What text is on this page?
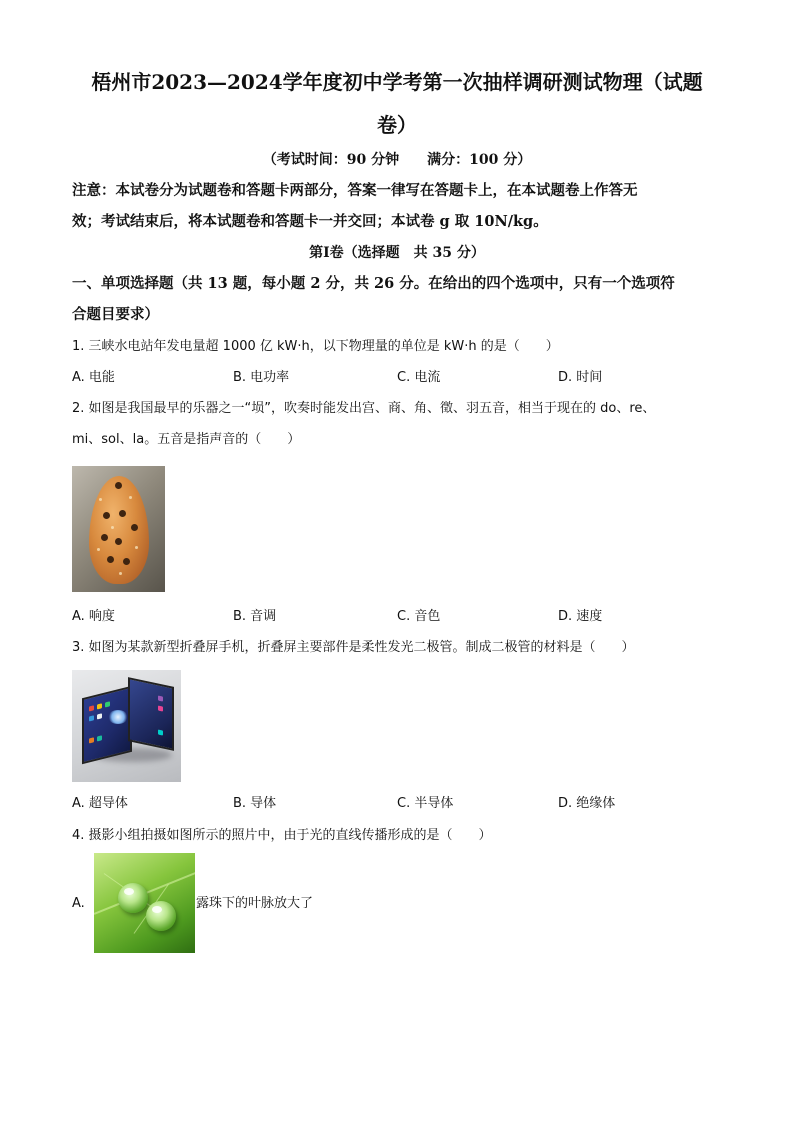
梧州市2023—2024学年度初中学考第一次抽样调研测试物理（试题
卷）
（考试时间：90 分钟　　满分：100 分）
注意：本试卷分为试题卷和答题卡两部分，答案一律写在答题卡上，在本试题卷上作答无
效；考试结束后，将本试题卷和答题卡一并交回；本试卷 g 取 10N/kg。
第Ⅰ卷（选择题　共 35 分）
一、单项选择题（共 13 题，每小题 2 分，共 26 分。在给出的四个选项中，只有一个选项符
合题目要求）
1. 三峡水电站年发电量超 1000 亿 kW·h，以下物理量的单位是 kW·h 的是（　　）
A. 电能	B. 电功率	C. 电流	D. 时间
2. 如图是我国最早的乐器之一“埙”，吹奏时能发出宫、商、角、徵、羽五音，相当于现在的 do、re、
mi、sol、la。五音是指声音的（　　）
A. 响度	B. 音调	C. 音色	D. 速度
3. 如图为某款新型折叠屏手机，折叠屏主要部件是柔性发光二极管。制成二极管的材料是（　　）
A. 超导体	B. 导体	C. 半导体	D. 绝缘体
4. 摄影小组拍摄如图所示的照片中，由于光的直线传播形成的是（　　）
A.	露珠下的叶脉放大了
